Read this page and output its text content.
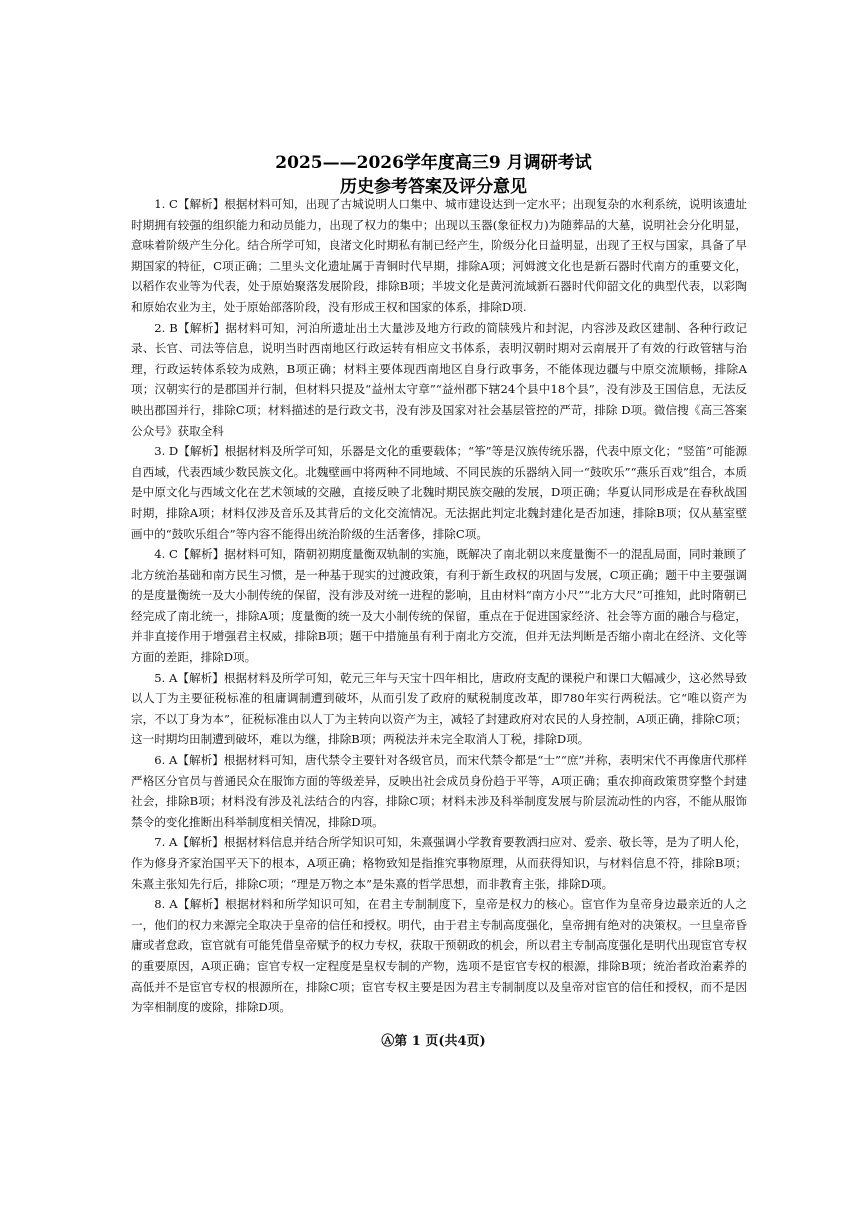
2025——2026学年度高三9 月调研考试
历史参考答案及评分意见

1. C【解析】根据材料可知，出现了古城说明人口集中、城市建设达到一定水平；出现复杂的水利系统，说明该遗址时期拥有较强的组织能力和动员能力，出现了权力的集中；出现以玉器(象征权力)为随葬品的大墓，说明社会分化明显，意味着阶级产生分化。结合所学可知，良渚文化时期私有制已经产生，阶级分化日益明显，出现了王权与国家，具备了早期国家的特征，C项正确；二里头文化遗址属于青铜时代早期，排除A项；河姆渡文化也是新石器时代南方的重要文化，以稻作农业等为代表，处于原始聚落发展阶段，排除B项；半坡文化是黄河流域新石器时代仰韶文化的典型代表，以彩陶和原始农业为主，处于原始部落阶段，没有形成王权和国家的体系，排除D项.

2. B【解析】据材料可知，河泊所遗址出土大量涉及地方行政的简牍残片和封泥，内容涉及政区建制、各种行政记录、长官、司法等信息，说明当时西南地区行政运转有相应文书体系，表明汉朝时期对云南展开了有效的行政管辖与治理，行政运转体系较为成熟，B项正确；材料主要体现西南地区自身行政事务，不能体现边疆与中原交流顺畅，排除A项；汉朝实行的是郡国并行制，但材料只提及“益州太守章”“益州郡下辖24个县中18个县”，没有涉及王国信息，无法反映出郡国并行，排除C项；材料描述的是行政文书，没有涉及国家对社会基层管控的严苛，排除 D项。微信搜《高三答案公众号》获取全科

3. D【解析】根据材料及所学可知，乐器是文化的重要载体；“筝”等是汉族传统乐器，代表中原文化；“竖笛”可能源自西域，代表西域少数民族文化。北魏壁画中将两种不同地域、不同民族的乐器纳入同一“鼓吹乐”“燕乐百戏”组合，本质是中原文化与西域文化在艺术领域的交融，直接反映了北魏时期民族交融的发展，D项正确；华夏认同形成是在春秋战国时期，排除A项；材料仅涉及音乐及其背后的文化交流情况。无法据此判定北魏封建化是否加速，排除B项；仅从墓室壁画中的“鼓吹乐组合”等内容不能得出统治阶级的生活奢侈，排除C项。

4. C【解析】据材料可知，隋朝初期度量衡双轨制的实施，既解决了南北朝以来度量衡不一的混乱局面，同时兼顾了北方统治基础和南方民生习惯，是一种基于现实的过渡政策，有利于新生政权的巩固与发展，C项正确；题干中主要强调的是度量衡统一及大小制传统的保留，没有涉及对统一进程的影响，且由材料“南方小尺”“北方大尺”可推知，此时隋朝已经完成了南北统一，排除A项；度量衡的统一及大小制传统的保留，重点在于促进国家经济、社会等方面的融合与稳定，并非直接作用于增强君主权威，排除B项；题干中措施虽有利于南北方交流，但并无法判断是否缩小南北在经济、文化等方面的差距，排除D项。

5. A【解析】根据材料及所学可知，乾元三年与天宝十四年相比，唐政府支配的课税户和课口大幅减少，这必然导致以人丁为主要征税标准的租庸调制遭到破坏，从而引发了政府的赋税制度改革，即780年实行两税法。它“唯以资产为宗，不以丁身为本”，征税标准由以人丁为主转向以资产为主，减轻了封建政府对农民的人身控制，A项正确，排除C项；这一时期均田制遭到破坏，难以为继，排除B项；两税法并未完全取消人丁税，排除D项。

6. A【解析】根据材料可知，唐代禁令主要针对各级官员，而宋代禁令都是“士”“庶”并称，表明宋代不再像唐代那样严格区分官员与普通民众在服饰方面的等级差异，反映出社会成员身份趋于平等，A项正确；重农抑商政策贯穿整个封建社会，排除B项；材料没有涉及礼法结合的内容，排除C项；材料未涉及科举制度发展与阶层流动性的内容，不能从服饰禁令的变化推断出科举制度相关情况，排除D项。

7. A【解析】根据材料信息并结合所学知识可知，朱熹强调小学教育要教洒扫应对、爱亲、敬长等，是为了明人伦，作为修身齐家治国平天下的根本，A项正确；格物致知是指推究事物原理，从而获得知识，与材料信息不符，排除B项；朱熹主张知先行后，排除C项；“理是万物之本”是朱熹的哲学思想，而非教育主张，排除D项。

8. A【解析】根据材料和所学知识可知，在君主专制制度下，皇帝是权力的核心。宦官作为皇帝身边最亲近的人之一，他们的权力来源完全取决于皇帝的信任和授权。明代，由于君主专制高度强化，皇帝拥有绝对的决策权。一旦皇帝昏庸或者怠政，宦官就有可能凭借皇帝赋予的权力专权，获取干预朝政的机会，所以君主专制高度强化是明代出现宦官专权的重要原因，A项正确；宦官专权一定程度是皇权专制的产物，选项不是宦官专权的根源，排除B项；统治者政治素养的高低并不是宦官专权的根源所在，排除C项；宦官专权主要是因为君主专制制度以及皇帝对宦官的信任和授权，而不是因为宰相制度的废除，排除D项。

Ⓐ第 1 页(共4页)
